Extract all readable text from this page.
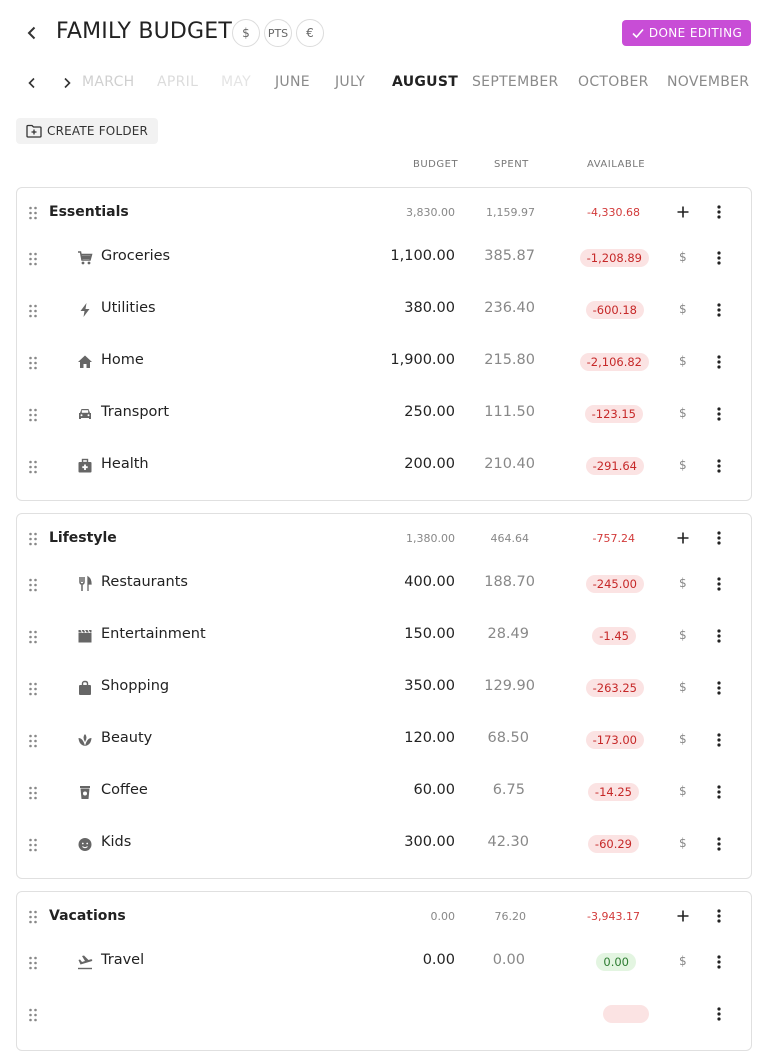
FAMILY BUDGET $	PTS	€	DONE EDITING
MARCH APRIL MAY JUNE JULY AUGUST SEPTEMBER OCTOBER NOVEMBER
CREATE FOLDER
BUDGET	SPENT	AVAILABLE
Essentials	3,830.00	1,159.97	-4,330.68
Groceries	1,100.00 385.87	-1,208.89	$
Utilities	380.00 236.40	-600.18	$
Home	1,900.00 215.80	-2,106.82	$
Transport	250.00 111.50	-123.15	$
Health	200.00 210.40	-291.64	$
Lifestyle	1,380.00	464.64	-757.24
Restaurants	400.00 188.70	-245.00	$
Entertainment	150.00 28.49	-1.45	$
Shopping	350.00 129.90	-263.25	$
Beauty	120.00 68.50	-173.00	$
Coffee	60.00	6.75	-14.25	$
Kids	300.00 42.30	-60.29	$
Vacations	0.00	76.20	-3,943.17
Travel	0.00	0.00	0.00	$
